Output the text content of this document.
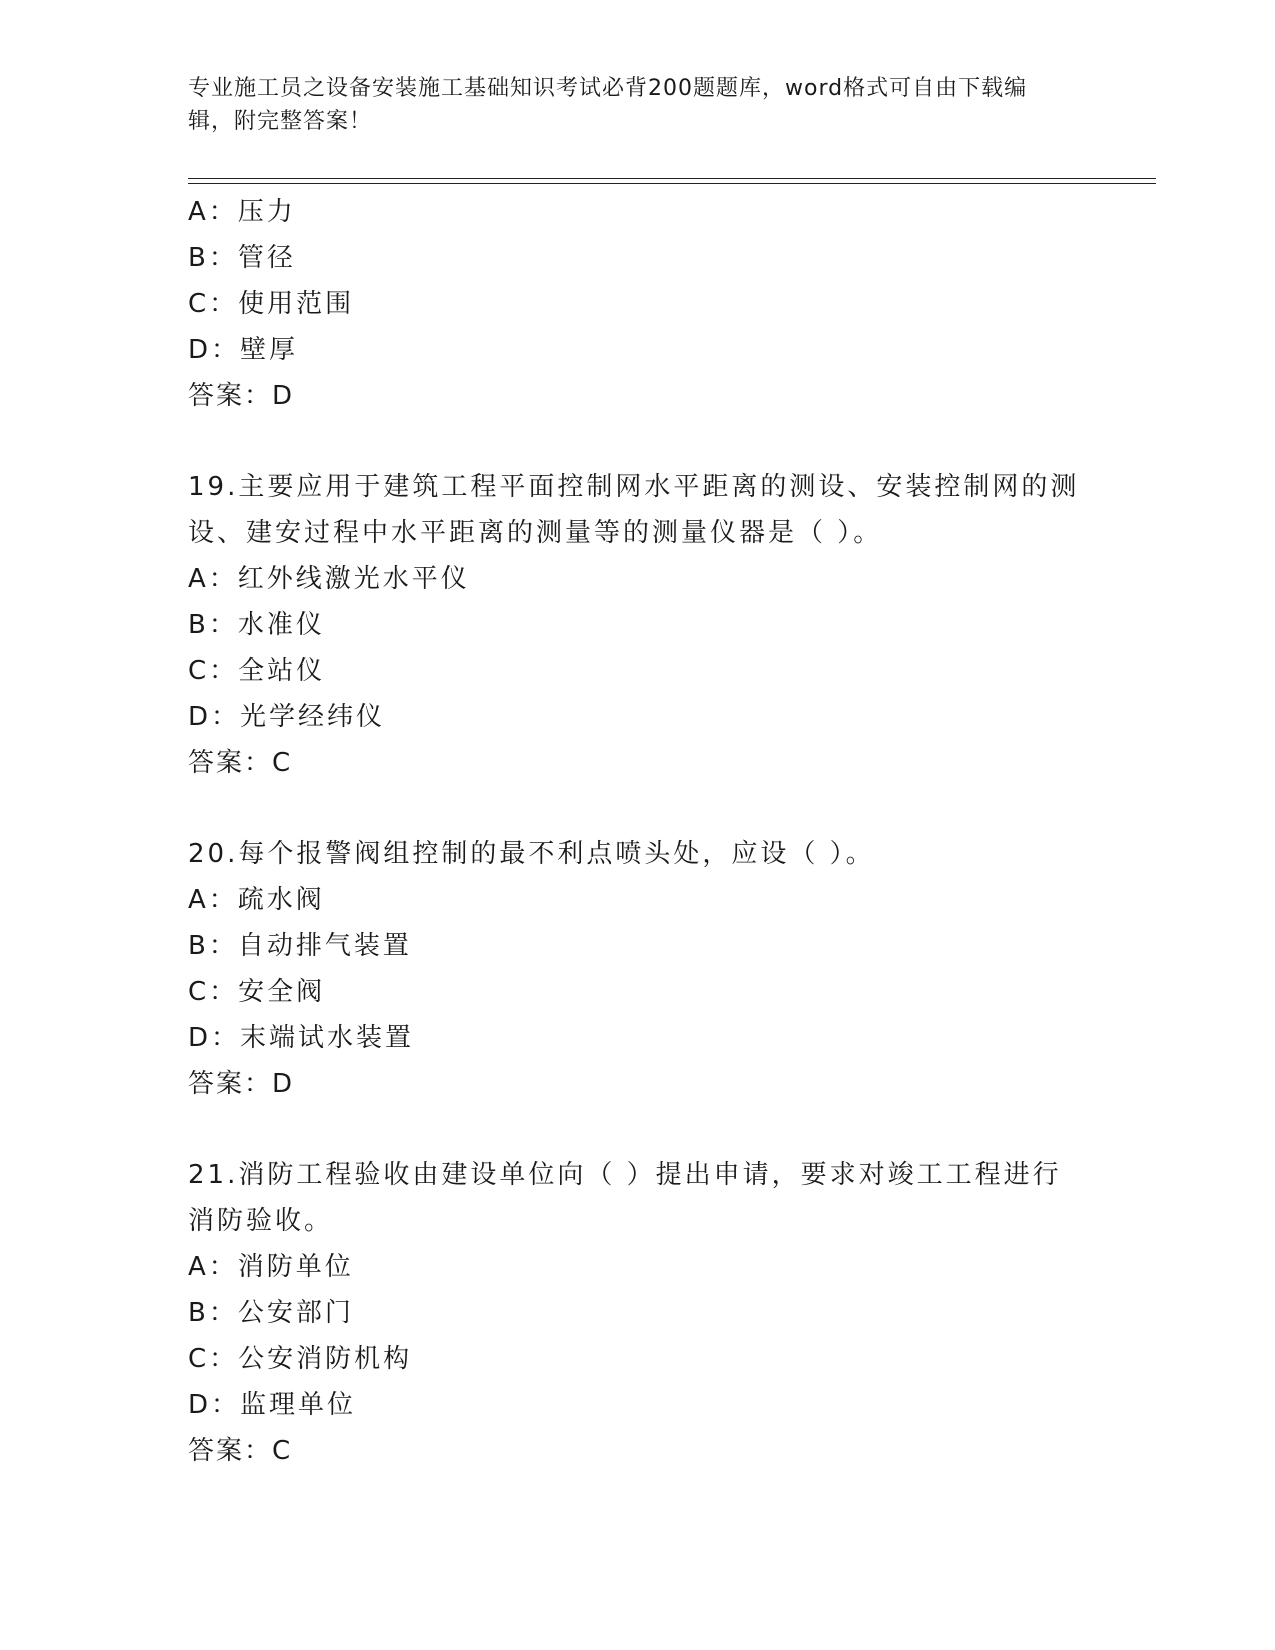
专业施工员之设备安装施工基础知识考试必背200题题库，word格式可自由下载编辑，附完整答案！
A：压力
B：管径
C：使用范围
D：壁厚
答案：D
19.主要应用于建筑工程平面控制网水平距离的测设、安装控制网的测
设、建安过程中水平距离的测量等的测量仪器是（ ）。
A：红外线激光水平仪
B：水准仪
C：全站仪
D：光学经纬仪
答案：C
20.每个报警阀组控制的最不利点喷头处，应设（ ）。
A：疏水阀
B：自动排气装置
C：安全阀
D：末端试水装置
答案：D
21.消防工程验收由建设单位向（ ）提出申请，要求对竣工工程进行
消防验收。
A：消防单位
B：公安部门
C：公安消防机构
D：监理单位
答案：C
